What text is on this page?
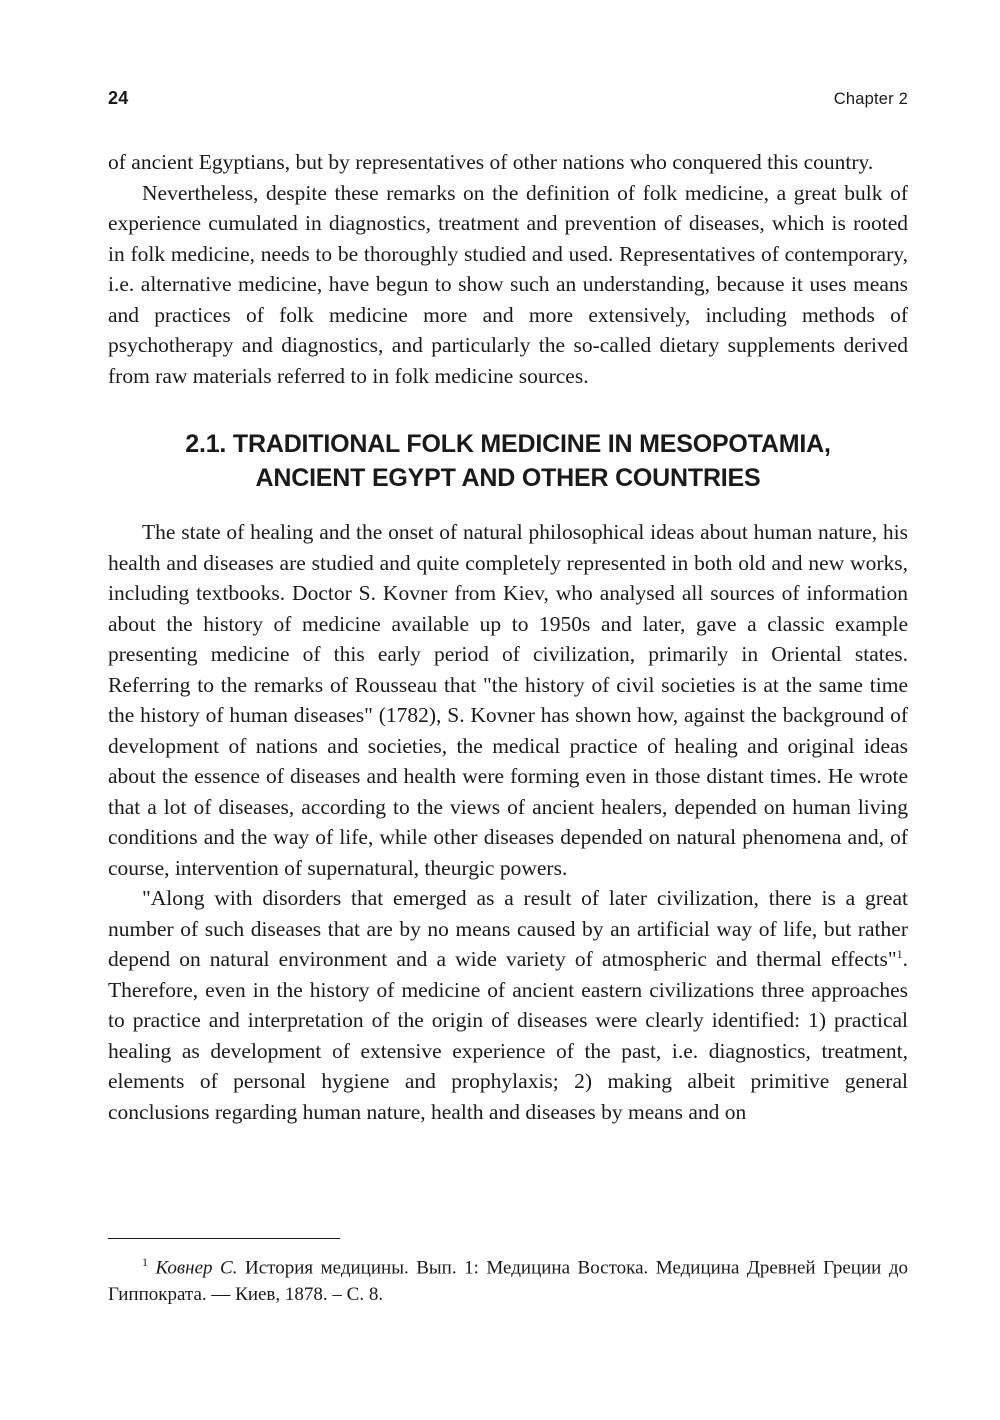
24	Chapter 2

of ancient Egyptians, but by representatives of other nations who conquered this country.

Nevertheless, despite these remarks on the definition of folk medicine, a great bulk of experience cumulated in diagnostics, treatment and prevention of diseases, which is rooted in folk medicine, needs to be thoroughly studied and used. Representatives of contemporary, i.e. alternative medicine, have begun to show such an understanding, because it uses means and practices of folk medicine more and more extensively, including methods of psychotherapy and diagnostics, and particularly the so-called dietary supplements derived from raw materials referred to in folk medicine sources.

2.1. TRADITIONAL FOLK MEDICINE IN MESOPOTAMIA,
ANCIENT EGYPT AND OTHER COUNTRIES

The state of healing and the onset of natural philosophical ideas about human nature, his health and diseases are studied and quite completely represented in both old and new works, including textbooks. Doctor S. Kovner from Kiev, who analysed all sources of information about the history of medicine available up to 1950s and later, gave a classic example presenting medicine of this early period of civilization, primarily in Oriental states. Referring to the remarks of Rousseau that "the history of civil societies is at the same time the history of human diseases" (1782), S. Kovner has shown how, against the background of development of nations and societies, the medical practice of healing and original ideas about the essence of diseases and health were forming even in those distant times. He wrote that a lot of diseases, according to the views of ancient healers, depended on human living conditions and the way of life, while other diseases depended on natural phenomena and, of course, intervention of supernatural, theurgic powers.

"Along with disorders that emerged as a result of later civilization, there is a great number of such diseases that are by no means caused by an artificial way of life, but rather depend on natural environment and a wide variety of atmospheric and thermal effects"$^1$. Therefore, even in the history of medicine of ancient eastern civilizations three approaches to practice and interpretation of the origin of diseases were clearly identified: 1) practical healing as development of extensive experience of the past, i.e. diagnostics, treatment, elements of personal hygiene and prophylaxis; 2) making albeit primitive general conclusions regarding human nature, health and diseases by means and on

$^1$ Ковнер С. История медицины. Вып. 1: Медицина Востока. Медицина Древней Греции до Гиппократа. — Киев, 1878. – С. 8.
